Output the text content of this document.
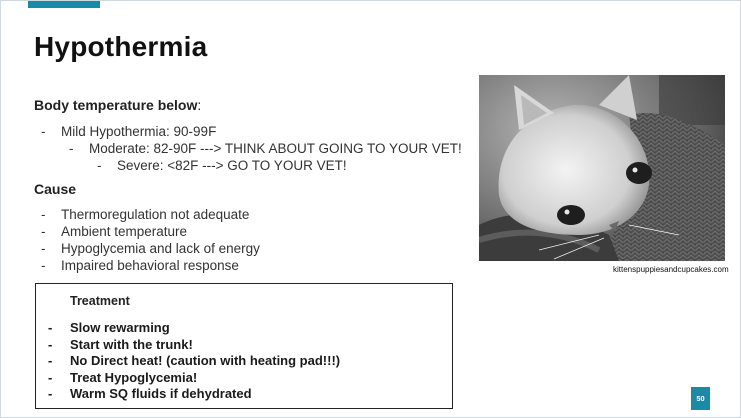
Hypothermia
Body temperature below:
- Mild Hypothermia: 90-99F
- Moderate: 82-90F ---> THINK ABOUT GOING TO YOUR VET!
- Severe: <82F ---> GO TO YOUR VET!
Cause
- Thermoregulation not adequate
- Ambient temperature
- Hypoglycemia and lack of energy
- Impaired behavioral response	kittenspuppiesandcupcakes.com
Treatment
- Slow rewarming
- Start with the trunk!
- No Direct heat! (caution with heating pad!!!)
- Treat Hypoglycemia!
- Warm SQ fluids if dehydrated	50
